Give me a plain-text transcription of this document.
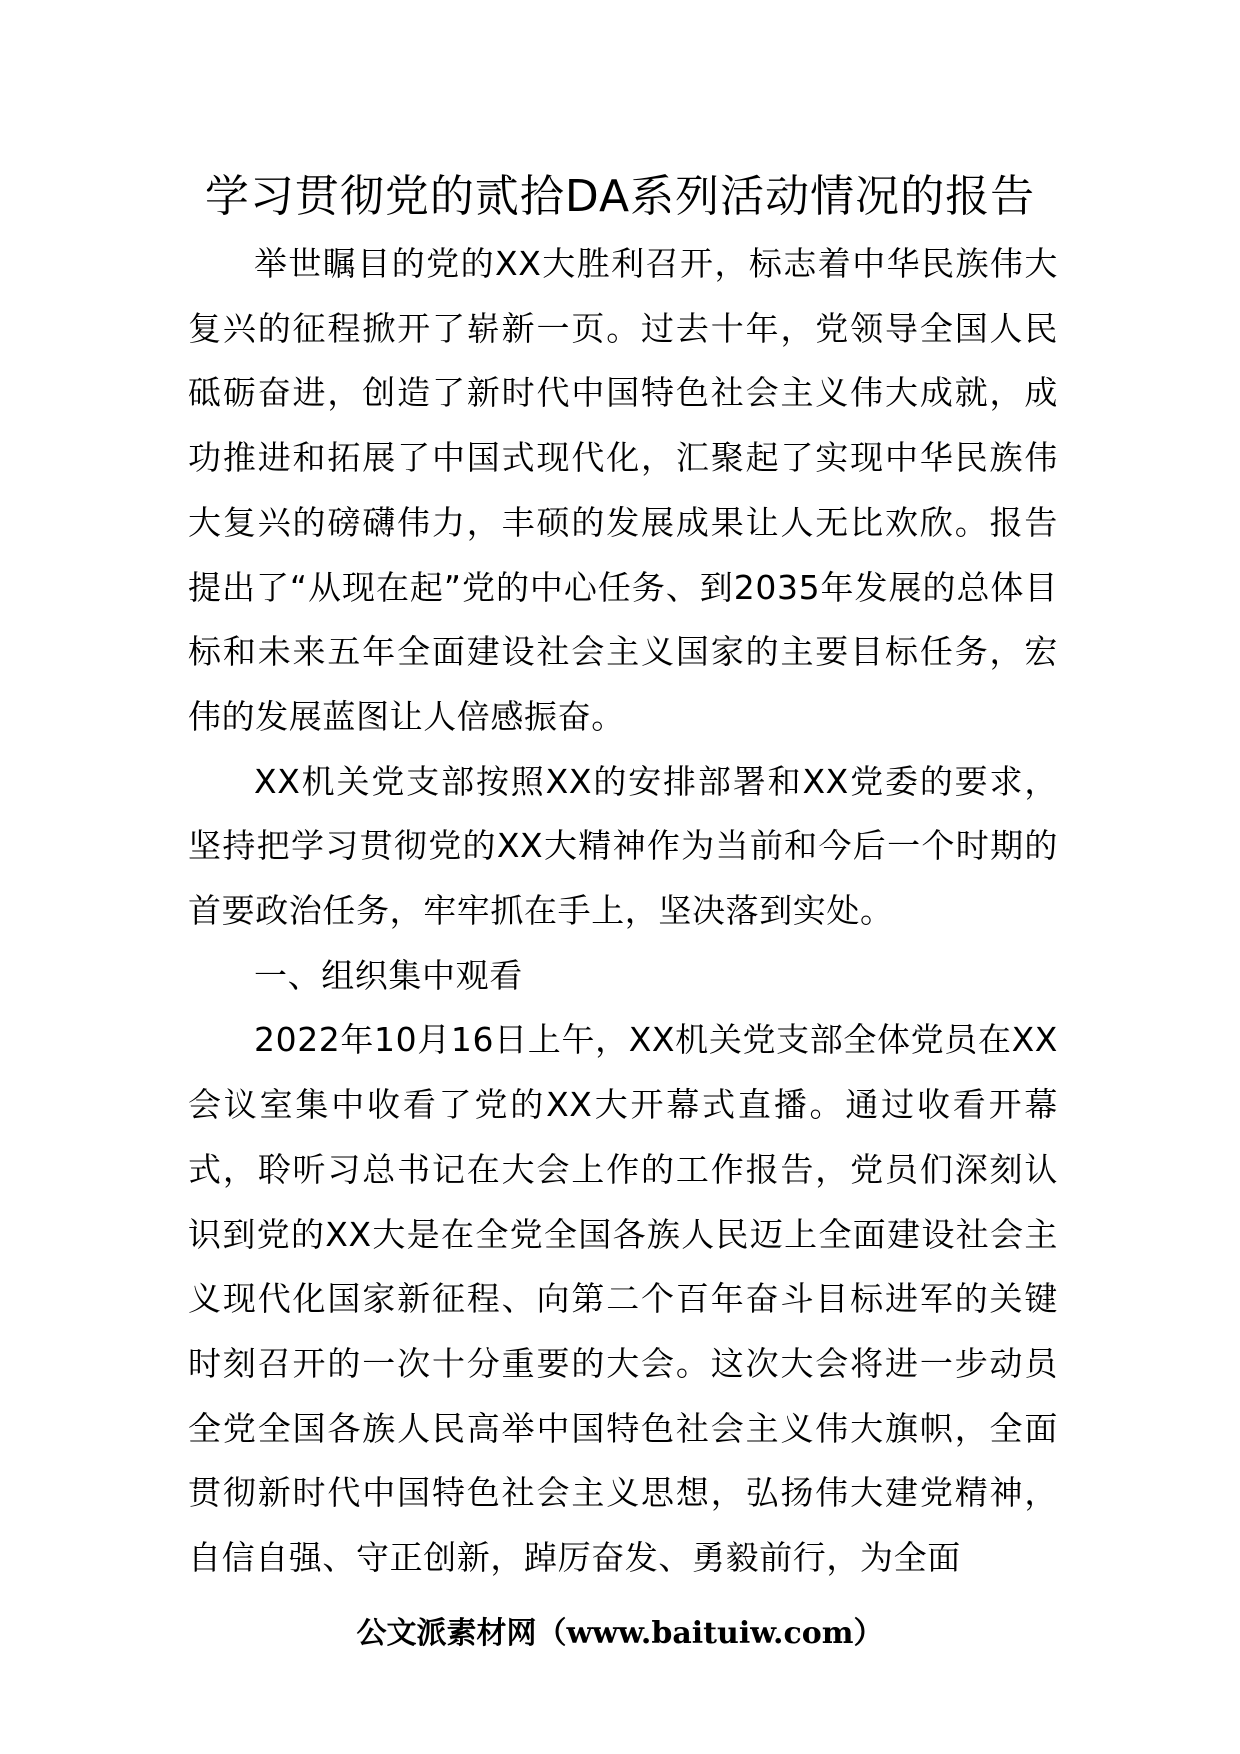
学习贯彻党的贰拾DA系列活动情况的报告

举世瞩目的党的XX大胜利召开，标志着中华民族伟大复兴的征程掀开了崭新一页。过去十年，党领导全国人民砥砺奋进，创造了新时代中国特色社会主义伟大成就，成功推进和拓展了中国式现代化，汇聚起了实现中华民族伟大复兴的磅礴伟力，丰硕的发展成果让人无比欢欣。报告提出了“从现在起”党的中心任务、到2035年发展的总体目标和未来五年全面建设社会主义国家的主要目标任务，宏伟的发展蓝图让人倍感振奋。

XX机关党支部按照XX的安排部署和XX党委的要求，坚持把学习贯彻党的XX大精神作为当前和今后一个时期的首要政治任务，牢牢抓在手上，坚决落到实处。

一、组织集中观看

2022年10月16日上午，XX机关党支部全体党员在XX会议室集中收看了党的XX大开幕式直播。通过收看开幕式，聆听习总书记在大会上作的工作报告，党员们深刻认识到党的XX大是在全党全国各族人民迈上全面建设社会主义现代化国家新征程、向第二个百年奋斗目标进军的关键时刻召开的一次十分重要的大会。这次大会将进一步动员全党全国各族人民高举中国特色社会主义伟大旗帜，全面贯彻新时代中国特色社会主义思想，弘扬伟大建党精神，自信自强、守正创新，踔厉奋发、勇毅前行，为全面

公文派素材网（www.baituiw.com）
